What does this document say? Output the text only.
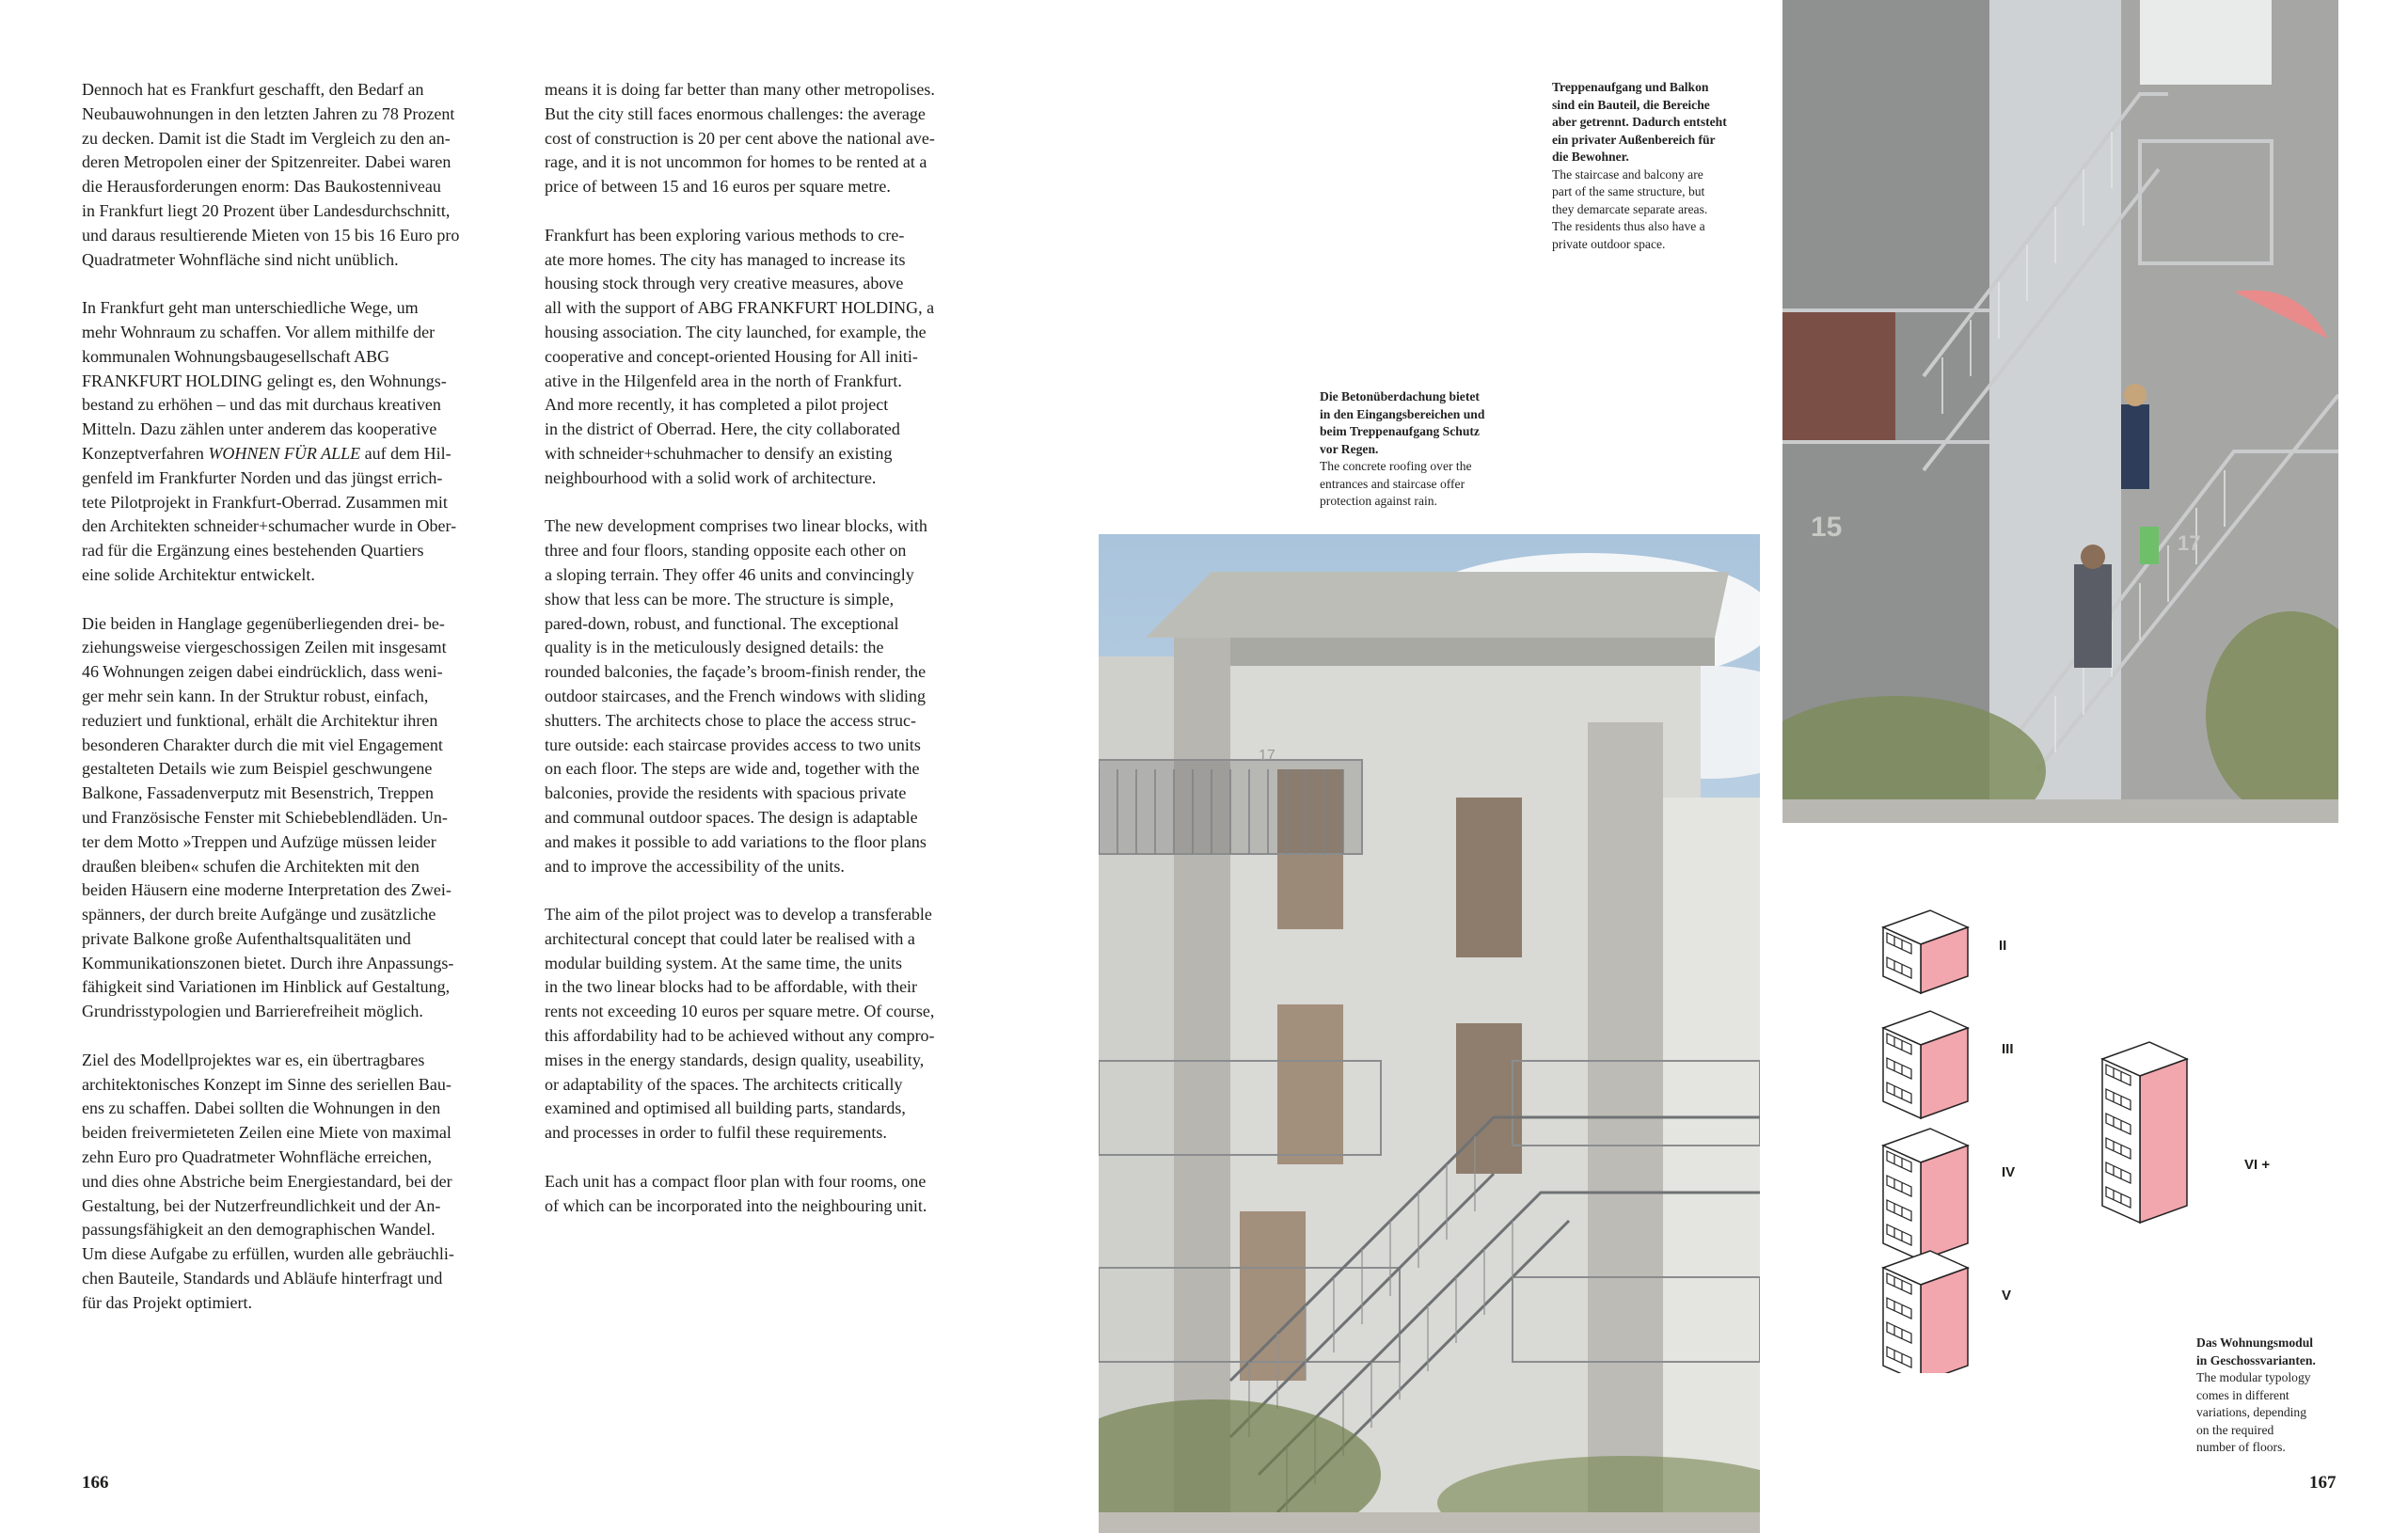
Dennoch hat es Frankfurt geschafft, den Bedarf an
Neubauwohnungen in den letzten Jahren zu 78 Prozent
zu decken. Damit ist die Stadt im Vergleich zu den an-
deren Metropolen einer der Spitzenreiter. Dabei waren
die Herausforderungen enorm: Das Baukostenniveau
in Frankfurt liegt 20 Prozent über Landesdurchschnitt,
und daraus resultierende Mieten von 15 bis 16 Euro pro
Quadratmeter Wohnfläche sind nicht unüblich.
In Frankfurt geht man unterschiedliche Wege, um
mehr Wohnraum zu schaffen. Vor allem mithilfe der
kommunalen Wohnungsbaugesellschaft ABG
FRANKFURT HOLDING gelingt es, den Wohnungs-
bestand zu erhöhen – und das mit durchaus kreativen
Mitteln. Dazu zählen unter anderem das kooperative
Konzeptverfahren WOHNEN FÜR ALLE auf dem Hil-
genfeld im Frankfurter Norden und das jüngst errich-
tete Pilotprojekt in Frankfurt-Oberrad. Zusammen mit
den Architekten schneider+schumacher wurde in Ober-
rad für die Ergänzung eines bestehenden Quartiers
eine solide Architektur entwickelt.
Die beiden in Hanglage gegenüberliegenden drei- be-
ziehungsweise viergeschossigen Zeilen mit insgesamt
46 Wohnungen zeigen dabei eindrücklich, dass weni-
ger mehr sein kann. In der Struktur robust, einfach,
reduziert und funktional, erhält die Architektur ihren
besonderen Charakter durch die mit viel Engagement
gestalteten Details wie zum Beispiel geschwungene
Balkone, Fassadenverputz mit Besenstrich, Treppen
und Französische Fenster mit Schiebeblendläden. Un-
ter dem Motto »Treppen und Aufzüge müssen leider
draußen bleiben« schufen die Architekten mit den
beiden Häusern eine moderne Interpretation des Zwei-
spänners, der durch breite Aufgänge und zusätzliche
private Balkone große Aufenthaltsqualitäten und
Kommunikationszonen bietet. Durch ihre Anpassungs-
fähigkeit sind Variationen im Hinblick auf Gestaltung,
Grundrisstypologien und Barrierefreiheit möglich.
Ziel des Modellprojektes war es, ein übertragbares
architektonisches Konzept im Sinne des seriellen Bau-
ens zu schaffen. Dabei sollten die Wohnungen in den
beiden freivermieteten Zeilen eine Miete von maximal
zehn Euro pro Quadratmeter Wohnfläche erreichen,
und dies ohne Abstriche beim Energiestandard, bei der
Gestaltung, bei der Nutzerfreundlichkeit und der An-
passungsfähigkeit an den demographischen Wandel.
Um diese Aufgabe zu erfüllen, wurden alle gebräuchli-
chen Bauteile, Standards und Abläufe hinterfragt und
für das Projekt optimiert.
means it is doing far better than many other metropolises.
But the city still faces enormous challenges: the average
cost of construction is 20 per cent above the national ave-
rage, and it is not uncommon for homes to be rented at a
price of between 15 and 16 euros per square metre.
Frankfurt has been exploring various methods to cre-
ate more homes. The city has managed to increase its
housing stock through very creative measures, above
all with the support of ABG FRANKFURT HOLDING, a
housing association. The city launched, for example, the
cooperative and concept-oriented Housing for All initi-
ative in the Hilgenfeld area in the north of Frankfurt.
And more recently, it has completed a pilot project
in the district of Oberrad. Here, the city collaborated
with schneider+schuhmacher to densify an existing
neighbourhood with a solid work of architecture.
The new development comprises two linear blocks, with
three and four floors, standing opposite each other on
a sloping terrain. They offer 46 units and convincingly
show that less can be more. The structure is simple,
pared-down, robust, and functional. The exceptional
quality is in the meticulously designed details: the
rounded balconies, the façade’s broom-finish render, the
outdoor staircases, and the French windows with sliding
shutters. The architects chose to place the access struc-
ture outside: each staircase provides access to two units
on each floor. The steps are wide and, together with the
balconies, provide the residents with spacious private
and communal outdoor spaces. The design is adaptable
and makes it possible to add variations to the floor plans
and to improve the accessibility of the units.
The aim of the pilot project was to develop a transferable
architectural concept that could later be realised with a
modular building system. At the same time, the units
in the two linear blocks had to be affordable, with their
rents not exceeding 10 euros per square metre. Of course,
this affordability had to be achieved without any compro-
mises in the energy standards, design quality, useability,
or adaptability of the spaces. The architects critically
examined and optimised all building parts, standards,
and processes in order to fulfil these requirements.
Each unit has a compact floor plan with four rooms, one
of which can be incorporated into the neighbouring unit.
Treppenaufgang und Balkon
sind ein Bauteil, die Bereiche
aber getrennt. Dadurch entsteht
ein privater Außenbereich für
die Bewohner.
The staircase and balcony are
part of the same structure, but
they demarcate separate areas.
The residents thus also have a
private outdoor space.
Die Betonüberdachung bietet
in den Eingangsbereichen und
beim Treppenaufgang Schutz
vor Regen.
The concrete roofing over the
entrances and staircase offer
protection against rain.
Das Wohnungsmodul
in Geschossvarianten.
The modular typology
comes in different
variations, depending
on the required
number of floors.
17
15
17
II
III
IV
V
VI +
166	167
